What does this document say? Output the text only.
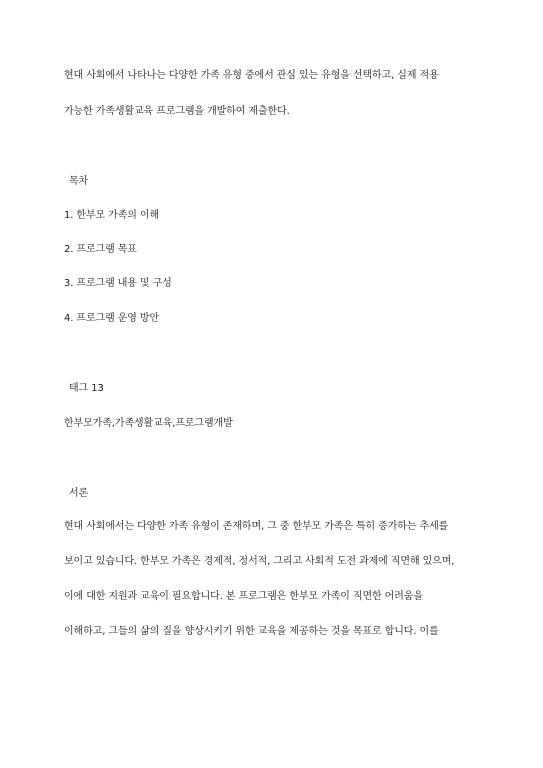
현대 사회에서 나타나는 다양한 가족 유형 중에서 관심 있는 유형을 선택하고, 실제 적용
가능한 가족생활교육 프로그램을 개발하여 제출한다.
목차
1. 한부모 가족의 이해
2. 프로그램 목표
3. 프로그램 내용 및 구성
4. 프로그램 운영 방안
태그 13
한부모가족,가족생활교육,프로그램개발
서론
현대 사회에서는 다양한 가족 유형이 존재하며, 그 중 한부모 가족은 특히 증가하는 추세를
보이고 있습니다. 한부모 가족은 경제적, 정서적, 그리고 사회적 도전 과제에 직면해 있으며,
이에 대한 지원과 교육이 필요합니다. 본 프로그램은 한부모 가족이 직면한 어려움을
이해하고, 그들의 삶의 질을 향상시키기 위한 교육을 제공하는 것을 목표로 합니다. 이를
